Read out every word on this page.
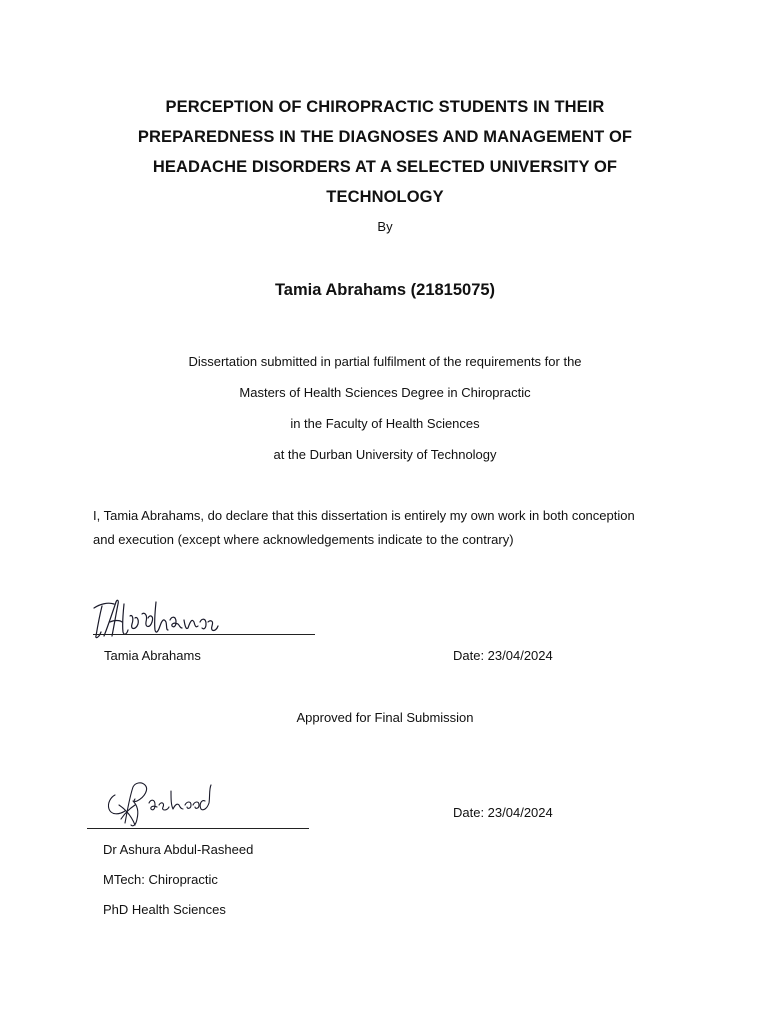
PERCEPTION OF CHIROPRACTIC STUDENTS IN THEIR
PREPAREDNESS IN THE DIAGNOSES AND MANAGEMENT OF
HEADACHE DISORDERS AT A SELECTED UNIVERSITY OF
TECHNOLOGY
By
Tamia Abrahams (21815075)
Dissertation submitted in partial fulfilment of the requirements for the
Masters of Health Sciences Degree in Chiropractic
in the Faculty of Health Sciences
at the Durban University of Technology
I, Tamia Abrahams, do declare that this dissertation is entirely my own work in both conception
and execution (except where acknowledgements indicate to the contrary)
Tamia Abrahams	Date: 23/04/2024
Approved for Final Submission
Date: 23/04/2024
Dr Ashura Abdul-Rasheed
MTech: Chiropractic
PhD Health Sciences
